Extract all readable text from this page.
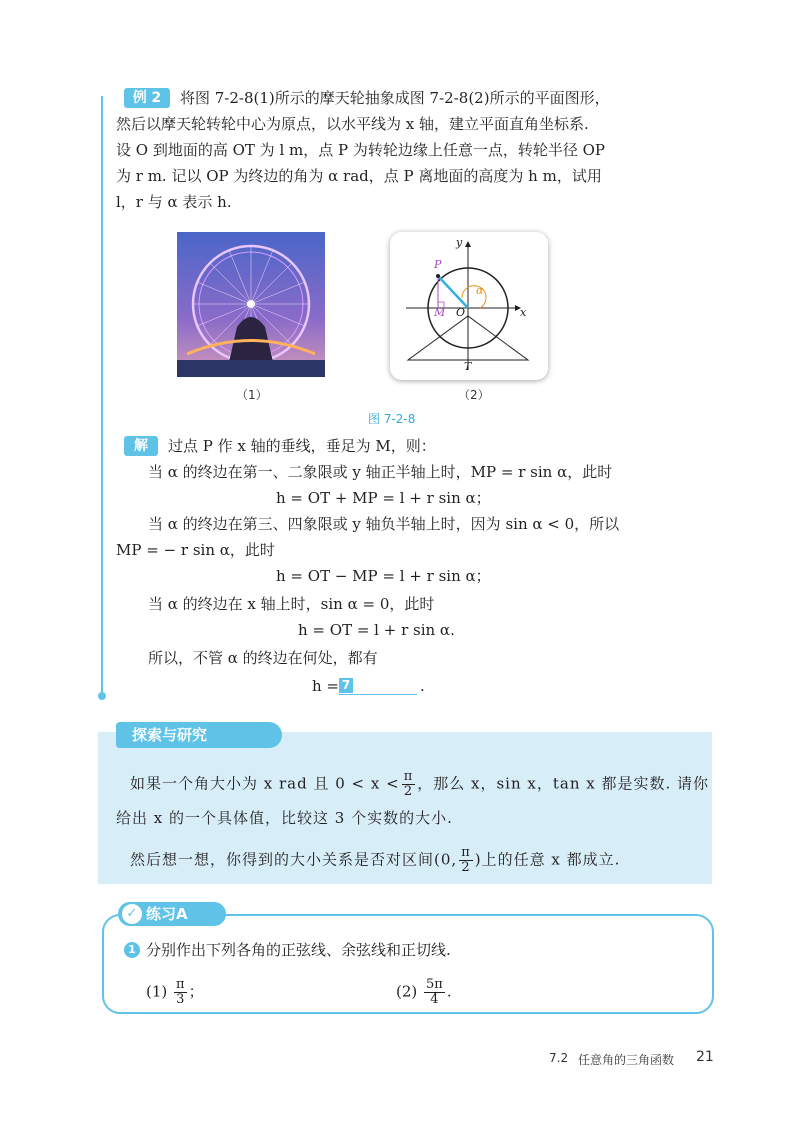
例 2	将图 7-2-8(1)所示的摩天轮抽象成图 7-2-8(2)所示的平面图形，
然后以摩天轮转轮中心为原点，以水平线为 x 轴，建立平面直角坐标系.
设 O 到地面的高 OT 为 l m，点 P 为转轮边缘上任意一点，转轮半径 OP
为 r m. 记以 OP 为终边的角为 α rad，点 P 离地面的高度为 h m，试用
l，r 与 α 表示 h.
（1）
y
x
P
M O
T
α
（2）
图 7-2-8
解	过点 P 作 x 轴的垂线，垂足为 M，则：
当 α 的终边在第一、二象限或 y 轴正半轴上时，MP = r sin α，此时
h = OT + MP = l + r sin α；
当 α 的终边在第三、四象限或 y 轴负半轴上时，因为 sin α < 0，所以
MP = − r sin α，此时
h = OT − MP = l + r sin α；
当 α 的终边在 x 轴上时，sin α = 0，此时
h = OT = l + r sin α.
所以，不管 α 的终边在何处，都有
h = 7	.
探索与研究
如果一个角大小为 x rad 且 $0 < x < \frac{\pi}{2}$ ，那么 x，sin x，tan x 都是实数. 请你
给出 x 的一个具体值，比较这 3 个实数的大小.
然后想一想，你得到的大小关系是否对区间(0, $\frac{\pi}{2}$ )上的任意 x 都成立.
✓ 练习A
1 分别作出下列各角的正弦线、余弦线和正切线.
$(1) \frac{\pi}{3}$ ；	$(2) \frac{5\pi}{4}$ .
7.2 任意角的三角函数 21
